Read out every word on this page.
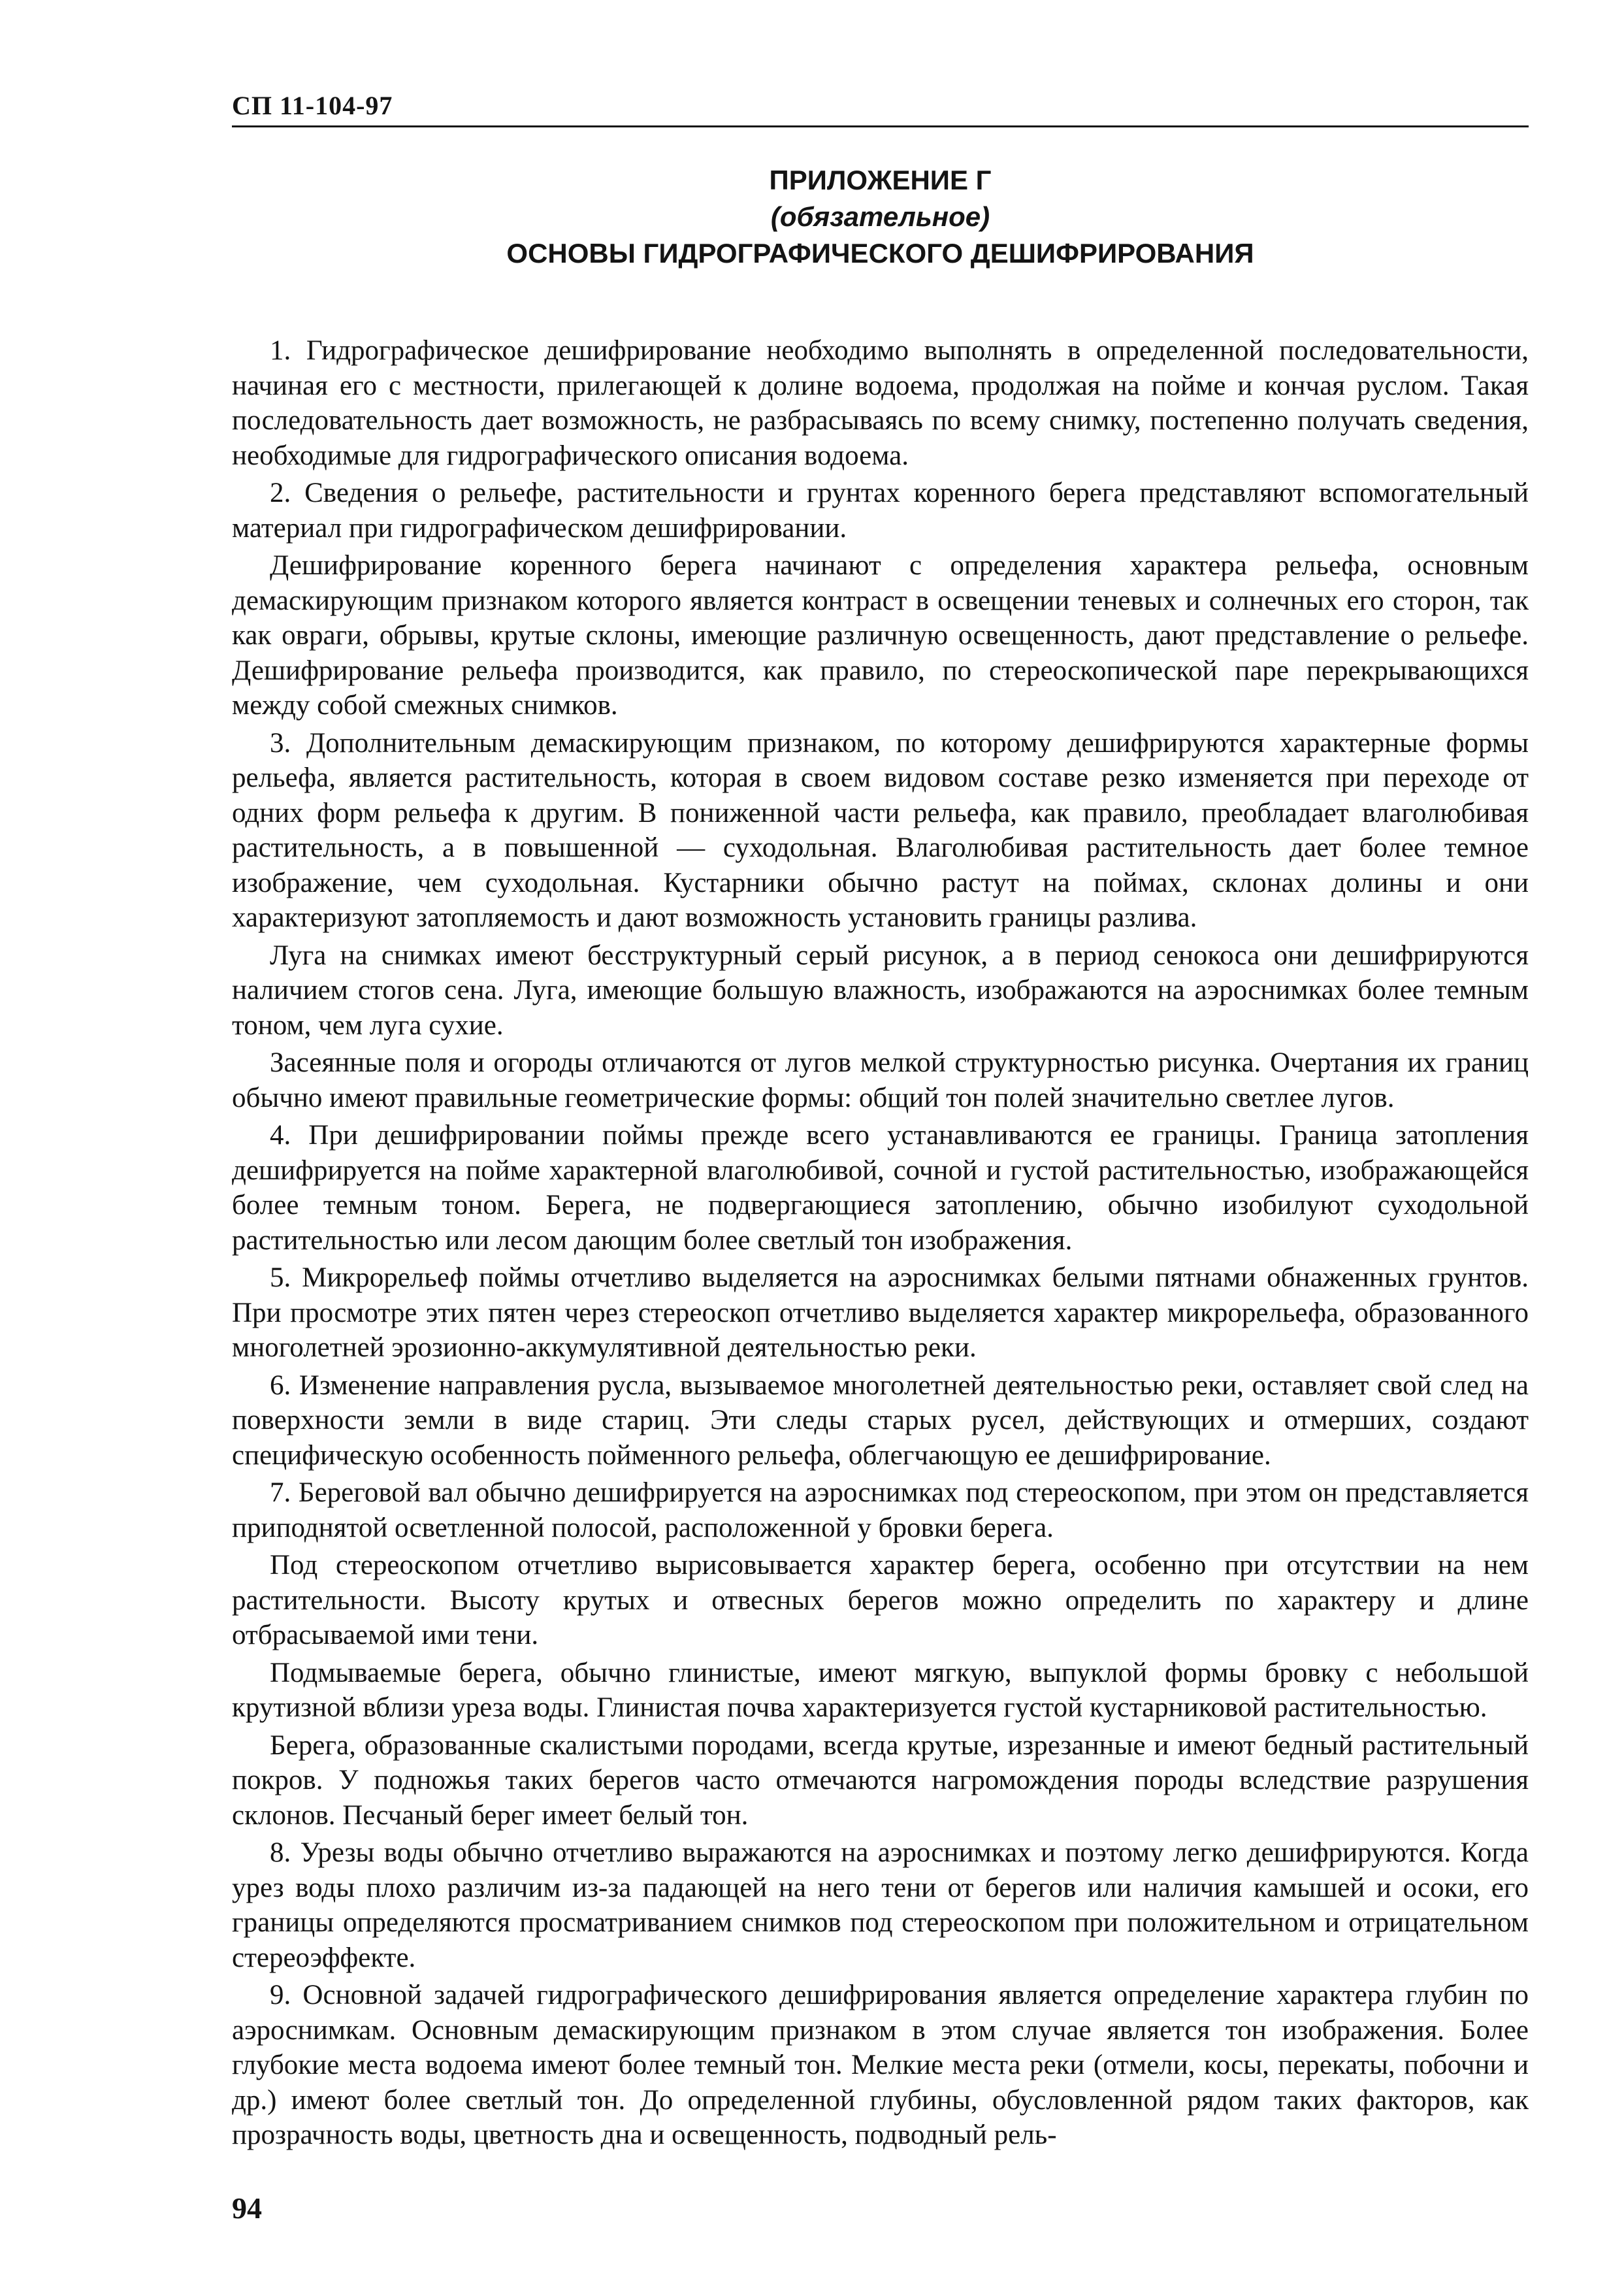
СП 11-104-97
ПРИЛОЖЕНИЕ Г
(обязательное)
ОСНОВЫ ГИДРОГРАФИЧЕСКОГО ДЕШИФРИРОВАНИЯ

1. Гидрографическое дешифрирование необходимо выполнять в определенной последовательности, начиная его с местности, прилегающей к долине водоема, продолжая на пойме и кончая руслом. Такая последовательность дает возможность, не разбрасываясь по всему снимку, постепенно получать сведения, необходимые для гидрографического описания водоема.

2. Сведения о рельефе, растительности и грунтах коренного берега представляют вспомогательный материал при гидрографическом дешифрировании.

Дешифрирование коренного берега начинают с определения характера рельефа, основным демаскирующим признаком которого является контраст в освещении теневых и солнечных его сторон, так как овраги, обрывы, крутые склоны, имеющие различную освещенность, дают представление о рельефе. Дешифрирование рельефа производится, как правило, по стереоскопической паре перекрывающихся между собой смежных снимков.

3. Дополнительным демаскирующим признаком, по которому дешифрируются характерные формы рельефа, является растительность, которая в своем видовом составе резко изменяется при переходе от одних форм рельефа к другим. В пониженной части рельефа, как правило, преобладает влаголюбивая растительность, а в повышенной — суходольная. Влаголюбивая растительность дает более темное изображение, чем суходольная. Кустарники обычно растут на поймах, склонах долины и они характеризуют затопляемость и дают возможность установить границы разлива.

Луга на снимках имеют бесструктурный серый рисунок, а в период сенокоса они дешифрируются наличием стогов сена. Луга, имеющие большую влажность, изображаются на аэроснимках более темным тоном, чем луга сухие.

Засеянные поля и огороды отличаются от лугов мелкой структурностью рисунка. Очертания их границ обычно имеют правильные геометрические формы: общий тон полей значительно светлее лугов.

4. При дешифрировании поймы прежде всего устанавливаются ее границы. Граница затопления дешифрируется на пойме характерной влаголюбивой, сочной и густой растительностью, изображающейся более темным тоном. Берега, не подвергающиеся затоплению, обычно изобилуют суходольной растительностью или лесом дающим более светлый тон изображения.

5. Микрорельеф поймы отчетливо выделяется на аэроснимках белыми пятнами обнаженных грунтов. При просмотре этих пятен через стереоскоп отчетливо выделяется характер микрорельефа, образованного многолетней эрозионно-аккумулятивной деятельностью реки.

6. Изменение направления русла, вызываемое многолетней деятельностью реки, оставляет свой след на поверхности земли в виде стариц. Эти следы старых русел, действующих и отмерших, создают специфическую особенность пойменного рельефа, облегчающую ее дешифрирование.

7. Береговой вал обычно дешифрируется на аэроснимках под стереоскопом, при этом он представляется приподнятой осветленной полосой, расположенной у бровки берега.

Под стереоскопом отчетливо вырисовывается характер берега, особенно при отсутствии на нем растительности. Высоту крутых и отвесных берегов можно определить по характеру и длине отбрасываемой ими тени.

Подмываемые берега, обычно глинистые, имеют мягкую, выпуклой формы бровку с небольшой крутизной вблизи уреза воды. Глинистая почва характеризуется густой кустарниковой растительностью.

Берега, образованные скалистыми породами, всегда крутые, изрезанные и имеют бедный растительный покров. У подножья таких берегов часто отмечаются нагромождения породы вследствие разрушения склонов. Песчаный берег имеет белый тон.

8. Урезы воды обычно отчетливо выражаются на аэроснимках и поэтому легко дешифрируются. Когда урез воды плохо различим из-за падающей на него тени от берегов или наличия камышей и осоки, его границы определяются просматриванием снимков под стереоскопом при положительном и отрицательном стереоэффекте.

9. Основной задачей гидрографического дешифрирования является определение характера глубин по аэроснимкам. Основным демаскирующим признаком в этом случае является тон изображения. Более глубокие места водоема имеют более темный тон. Мелкие места реки (отмели, косы, перекаты, побочни и др.) имеют более светлый тон. До определенной глубины, обусловленной рядом таких факторов, как прозрачность воды, цветность дна и освещенность, подводный рель-

94
